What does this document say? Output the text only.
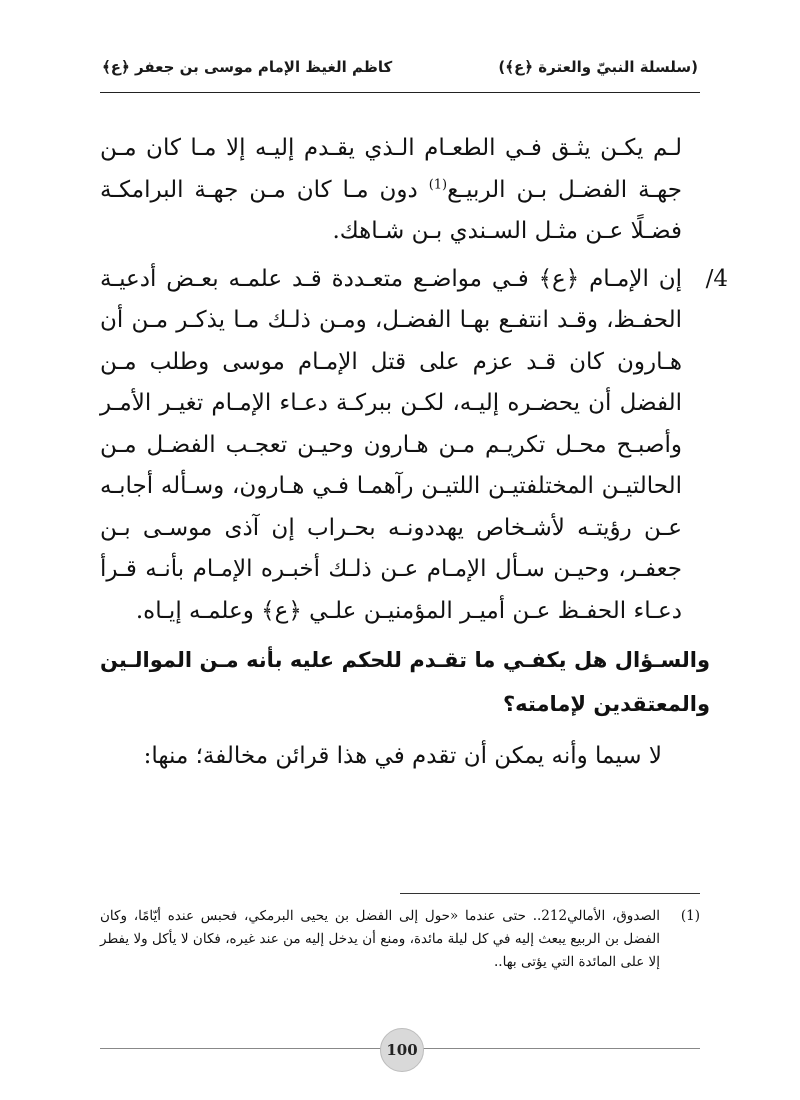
(سلسلة النبيّ والعترة ﴿ع﴾)
كاظم الغيظ الإمام موسى بن جعفر ﴿ع﴾

لـم يكـن يثـق فـي الطعـام الـذي يقـدم إليـه إلا مـا كان مـن جهـة الفضـل بـن الربيـع$^{(1)}$ دون مـا كان مـن جهـة البرامكـة فضـلًا عـن مثـل السـندي بـن شـاهك.

4/
إن الإمـام ﴿ع﴾ فـي مواضـع متعـددة قـد علمـه بعـض أدعيـة الحفـظ، وقـد انتفـع بهـا الفضـل، ومـن ذلـك مـا يذكـر مـن أن هـارون كان قـد عزم على قتل الإمـام موسى وطلب مـن الفضل أن يحضـره إليـه، لكـن ببركـة دعـاء الإمـام تغيـر الأمـر وأصبـح محـل تكريـم مـن هـارون وحيـن تعجـب الفضـل مـن الحالتيـن المختلفتيـن اللتيـن رآهمـا فـي هـارون، وسـأله أجابـه عـن رؤيتـه لأشـخاص يهددونـه بحـراب إن آذى موسـى بـن جعفـر، وحيـن سـأل الإمـام عـن ذلـك أخبـره الإمـام بأنـه قـرأ دعـاء الحفـظ عـن أميـر المؤمنيـن علـي ﴿ع﴾ وعلمـه إيـاه.

والسـؤال هل يكفـي ما تقـدم للحكم عليه بأنه مـن الموالـين والمعتقدين لإمامته؟

لا سيما وأنه يمكن أن تقدم في هذا قرائن مخالفة؛ منها:

(1)
الصدوق، الأمالي212.. حتى عندما «حول إلى الفضل بن يحيى البرمكي، فحبس عنده أيّامًا، وكان الفضل بن الربيع يبعث إليه في كل ليلة مائدة، ومنع أن يدخل إليه من عند غيره، فكان لا يأكل ولا يفطر إلا على المائدة التي يؤتى بها..
100
